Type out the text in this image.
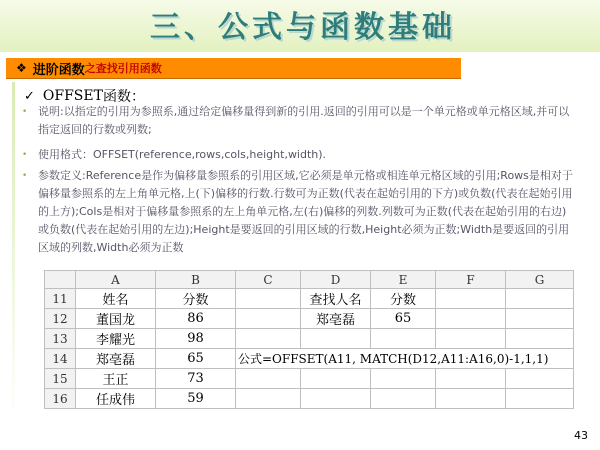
三、公式与函数基础
❖ 进阶函数 之查找引用函数
✓ OFFSET 函数：
• 说明:以指定的引用为参照系,通过给定偏移量得到新的引用.返回的引用可以是一个单元格或单元格区域,并可以指定返回的行数或列数;
• 使用格式：OFFSET(reference,rows,cols,height,width).
• 参数定义:Reference是作为偏移量参照系的引用区域,它必须是单元格或相连单元格区域的引用;Rows是相对于偏移量参照系的左上角单元格,上(下)偏移的行数.行数可为正数(代表在起始引用的下方)或负数(代表在起始引用的上方);Cols是相对于偏移量参照系的左上角单元格,左(右)偏移的列数.列数可为正数(代表在起始引用的右边)或负数(代表在起始引用的左边);Height是要返回的引用区域的行数,Height必须为正数;Width是要返回的引用区域的列数,Width必须为正数
	A	B	C	D	E	F	G
11	姓名	分数		查找人名	分数		
12	董国龙	86		郑亳磊	65		
13	李耀光	98					
14	郑亳磊	65	公式=OFFSET(A11, MATCH(D12,A11:A16,0)-1,1,1)				
15	王正	73					
16	任成伟	59					
43
